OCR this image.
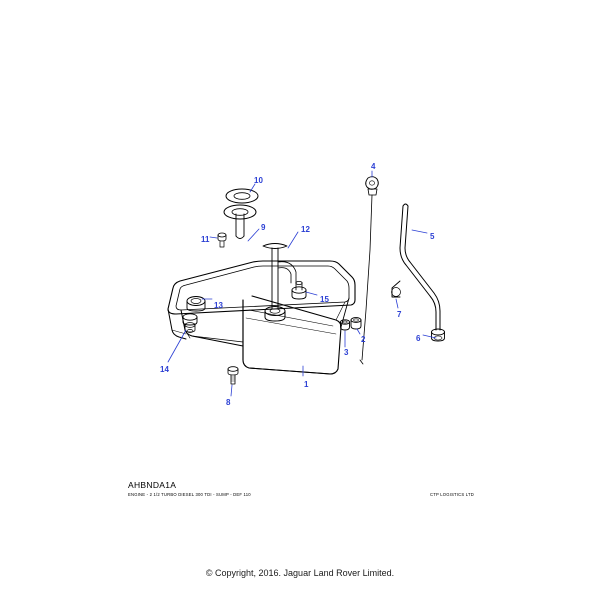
1
2
3
4
5
6
7
8
9
10
11
12
13
14
15
AHBNDA1A
ENGINE - 2 1/2 TURBO DIESEL 300 TDI - SUMP - DEF 110	CTP LOGISTICS LTD
© Copyright, 2016. Jaguar Land Rover Limited.
